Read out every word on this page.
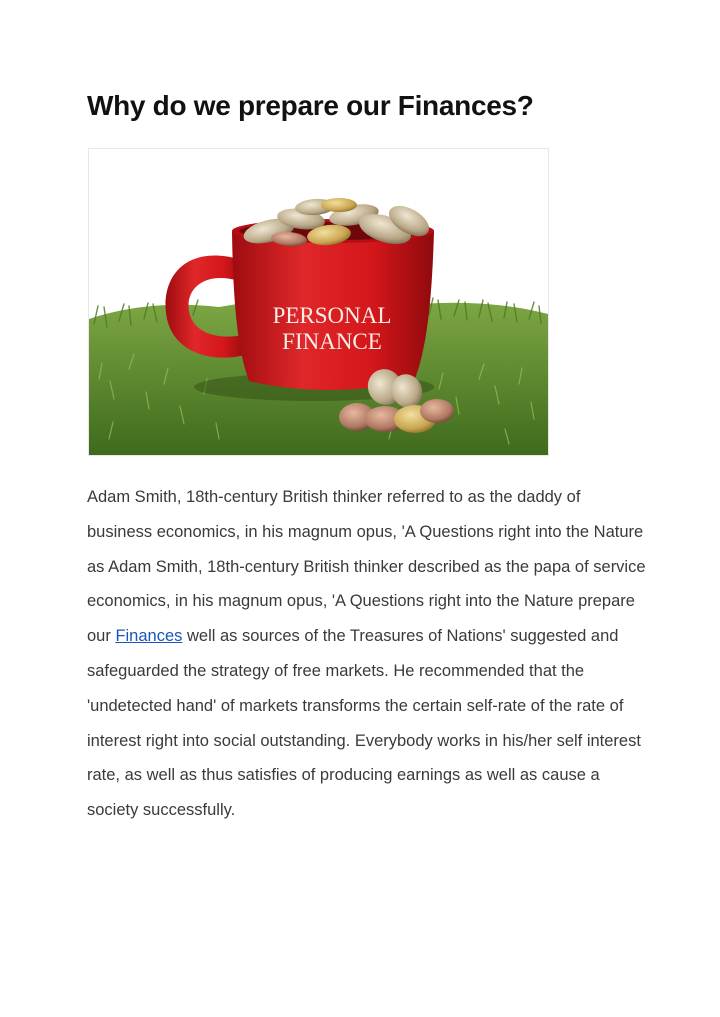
Why do we prepare our Finances?
PERSONAL
FINANCE

Adam Smith, 18th-century British thinker referred to as the daddy of business economics, in his magnum opus, 'A Questions right into the Nature as Adam Smith, 18th-century British thinker described as the papa of service economics, in his magnum opus, 'A Questions right into the Nature prepare our Finances well as sources of the Treasures of Nations' suggested and safeguarded the strategy of free markets. He recommended that the 'undetected hand' of markets transforms the certain self-rate of the rate of interest right into social outstanding. Everybody works in his/her self interest rate, as well as thus satisfies of producing earnings as well as cause a society successfully.
